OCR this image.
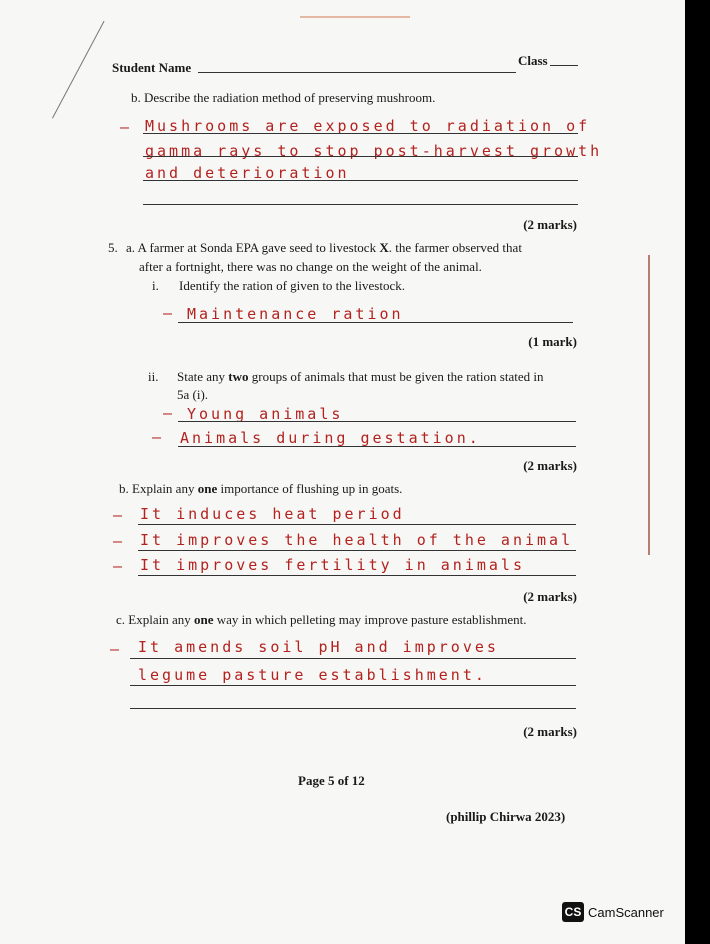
Student Name	Class
b. Describe the radiation method of preserving mushroom.
— Mushrooms are exposed to radiation of
gamma rays to stop post-harvest growth
and deterioration
(2 marks)
5. a. A farmer at Sonda EPA gave seed to livestock X. the farmer observed that
after a fortnight, there was no change on the weight of the animal.
i. Identify the ration of given to the livestock.
— Maintenance ration
(1 mark)
ii. State any two groups of animals that must be given the ration stated in
5a (i).
— Young animals
— Animals during gestation.
(2 marks)
b. Explain any one importance of flushing up in goats.
— It induces heat period
— It improves the health of the animal
— It improves fertility in animals
(2 marks)
c. Explain any one way in which pelleting may improve pasture establishment.
— It amends soil pH and improves
legume pasture establishment.
(2 marks)
Page 5 of 12
(phillip Chirwa 2023)
CS CamScanner
